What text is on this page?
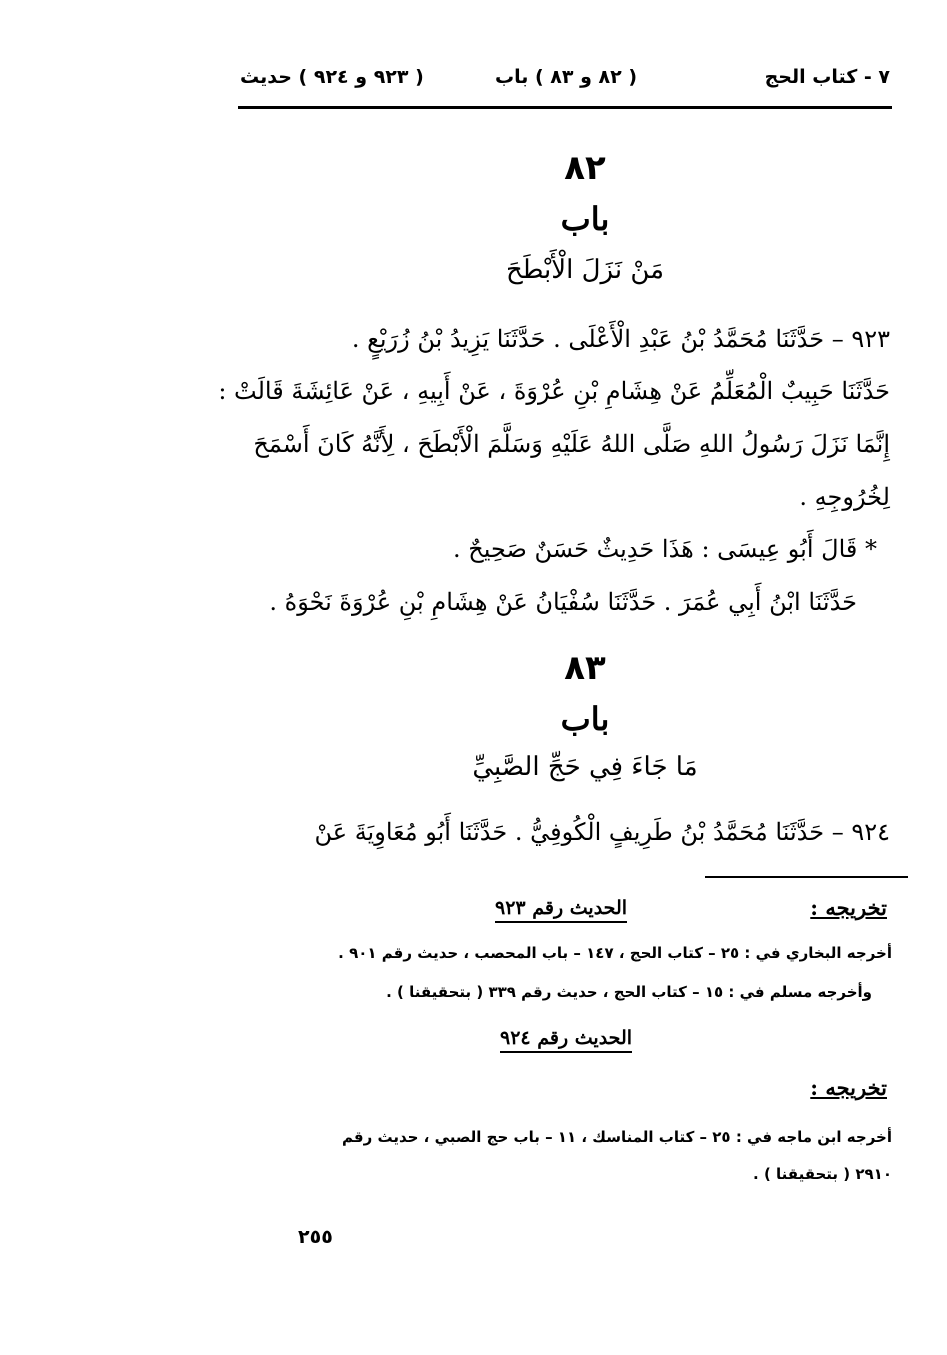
٧ - كتاب الحج
( ٨٢ و ٨٣ ) باب
( ٩٢٣ و ٩٢٤ ) حديث
٨٢
باب
مَنْ نَزَلَ الْأَبْطَحَ
٩٢٣ – حَدَّثَنَا مُحَمَّدُ بْنُ عَبْدِ الْأَعْلَى . حَدَّثَنَا يَزِيدُ بْنُ زُرَيْعٍ .
حَدَّثَنَا حَبِيبٌ الْمُعَلِّمُ عَنْ هِشَامِ بْنِ عُرْوَةَ ، عَنْ أَبِيهِ ، عَنْ عَائِشَةَ قَالَتْ :
إِنَّمَا نَزَلَ رَسُولُ اللهِ صَلَّى اللهُ عَلَيْهِ وَسَلَّمَ الْأَبْطَحَ ، لِأَنَّهُ كَانَ أَسْمَحَ
لِخُرُوجِهِ .
* قَالَ أَبُو عِيسَى : هَذَا حَدِيثٌ حَسَنٌ صَحِيحٌ .
حَدَّثَنَا ابْنُ أَبِي عُمَرَ . حَدَّثَنَا سُفْيَانُ عَنْ هِشَامِ بْنِ عُرْوَةَ نَحْوَهُ .
٨٣
باب
مَا جَاءَ فِي حَجِّ الصَّبِيِّ
٩٢٤ – حَدَّثَنَا مُحَمَّدُ بْنُ طَرِيفٍ الْكُوفِيُّ . حَدَّثَنَا أَبُو مُعَاوِيَةَ عَنْ
تخريجه :
الحديث رقم ٩٢٣
أخرجه البخاري في : ٢٥ – كتاب الحج ، ١٤٧ – باب المحصب ، حديث رقم ٩٠١ .
وأخرجه مسلم في : ١٥ – كتاب الحج ، حديث رقم ٣٣٩ ( بتحقيقنا ) .
الحديث رقم ٩٢٤
تخريجه :
أخرجه ابن ماجه في : ٢٥ – كتاب المناسك ، ١١ – باب حج الصبي ، حديث رقم
٢٩١٠ ( بتحقيقنا ) .
٢٥٥
